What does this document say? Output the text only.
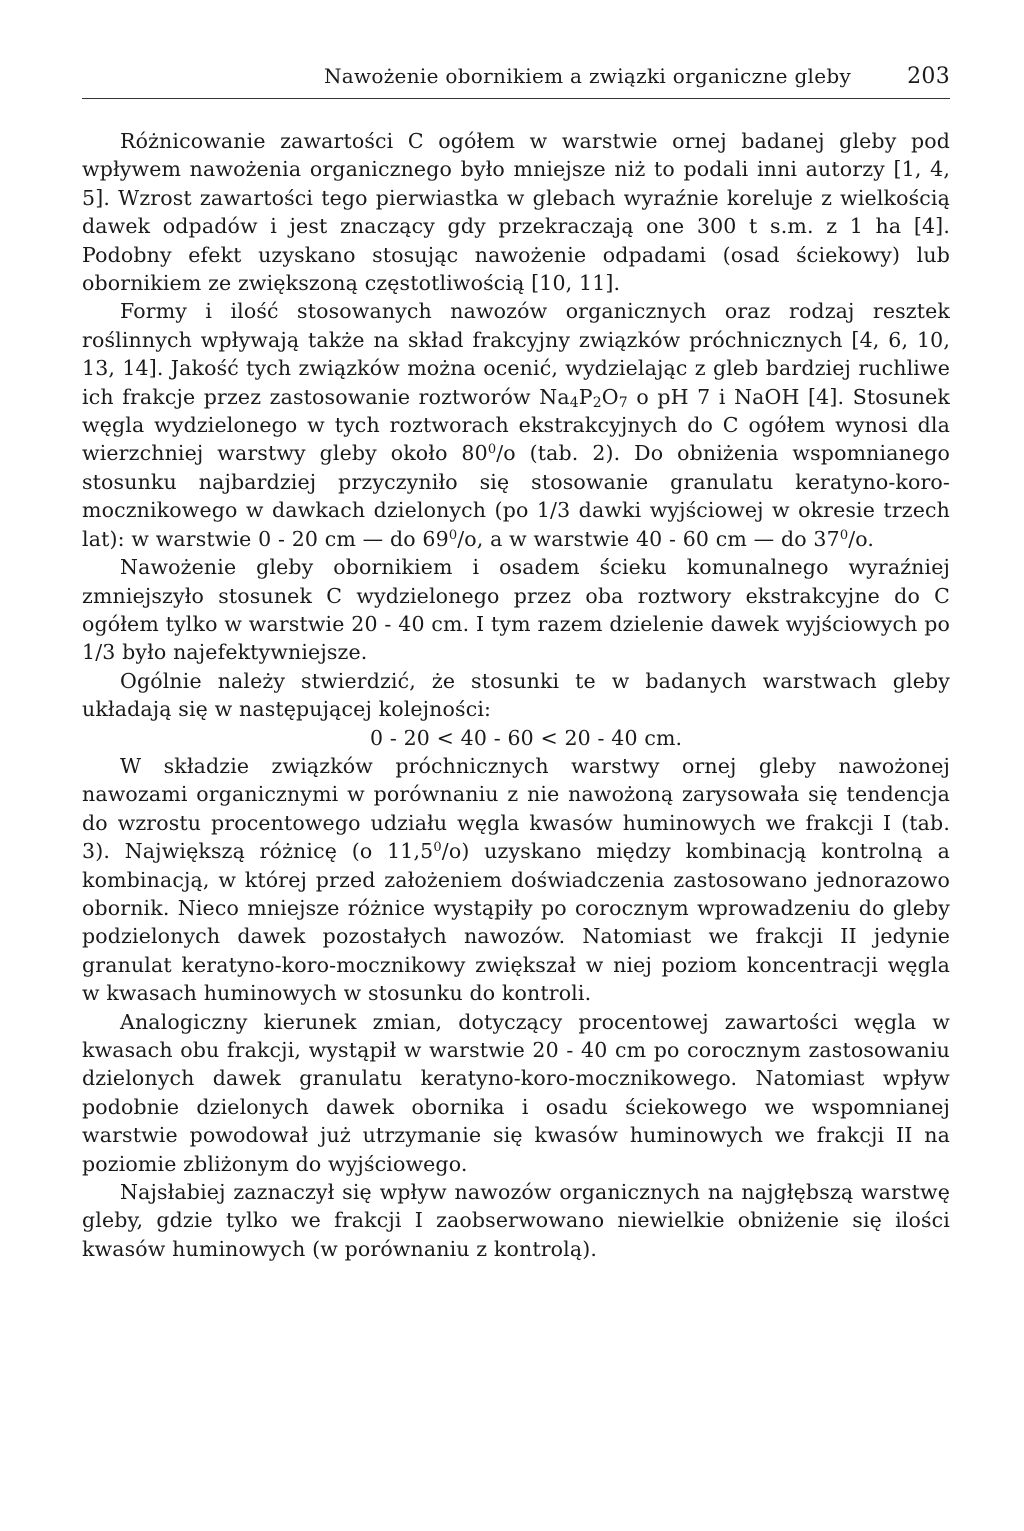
Nawożenie obornikiem a związki organiczne gleby	203

Różnicowanie zawartości C ogółem w warstwie ornej badanej gleby pod wpływem nawożenia organicznego było mniejsze niż to podali inni autorzy [1, 4, 5]. Wzrost zawartości tego pierwiastka w glebach wyraźnie koreluje z wielkością dawek odpadów i jest znaczący gdy przekraczają one 300 t s.m. z 1 ha [4]. Podobny efekt uzyskano stosując nawożenie odpadami (osad ściekowy) lub obornikiem ze zwiększoną częstotliwością [10, 11].

Formy i ilość stosowanych nawozów organicznych oraz rodzaj resztek roślinnych wpływają także na skład frakcyjny związków próchnicznych [4, 6, 10, 13, 14]. Jakość tych związków można ocenić, wydzielając z gleb bardziej ruchliwe ich frakcje przez zastosowanie roztworów $Na_4P_2O_7$ o pH 7 i NaOH [4]. Stosunek węgla wydzielonego w tych roztworach ekstrakcyjnych do C ogółem wynosi dla wierzchniej warstwy gleby około $80^0/o$ (tab. 2). Do obniżenia wspomnianego stosunku najbardziej przyczyniło się stosowanie granulatu keratyno-koro-mocznikowego w dawkach dzielonych (po 1/3 dawki wyjściowej w okresie trzech lat): w warstwie 0 - 20 cm — do $69^0/o$, a w warstwie 40 - 60 cm — do $37^0/o$.

Nawożenie gleby obornikiem i osadem ścieku komunalnego wyraźniej zmniejszyło stosunek C wydzielonego przez oba roztwory ekstrakcyjne do C ogółem tylko w warstwie 20 - 40 cm. I tym razem dzielenie dawek wyjściowych po 1/3 było najefektywniejsze.

Ogólnie należy stwierdzić, że stosunki te w badanych warstwach gleby układają się w następującej kolejności:

0 - 20 < 40 - 60 < 20 - 40 cm.

W składzie związków próchnicznych warstwy ornej gleby nawożonej nawozami organicznymi w porównaniu z nie nawożoną zarysowała się tendencja do wzrostu procentowego udziału węgla kwasów huminowych we frakcji I (tab. 3). Największą różnicę (o 11,5$^0$/o) uzyskano między kombinacją kontrolną a kombinacją, w której przed założeniem doświadczenia zastosowano jednorazowo obornik. Nieco mniejsze różnice wystąpiły po corocznym wprowadzeniu do gleby podzielonych dawek pozostałych nawozów. Natomiast we frakcji II jedynie granulat keratyno-koro-mocznikowy zwiększał w niej poziom koncentracji węgla w kwasach huminowych w stosunku do kontroli.

Analogiczny kierunek zmian, dotyczący procentowej zawartości węgla w kwasach obu frakcji, wystąpił w warstwie 20 - 40 cm po corocznym zastosowaniu dzielonych dawek granulatu keratyno-koro-mocznikowego. Natomiast wpływ podobnie dzielonych dawek obornika i osadu ściekowego we wspomnianej warstwie powodował już utrzymanie się kwasów huminowych we frakcji II na poziomie zbliżonym do wyjściowego.

Najsłabiej zaznaczył się wpływ nawozów organicznych na najgłębszą warstwę gleby, gdzie tylko we frakcji I zaobserwowano niewielkie obniżenie się ilości kwasów huminowych (w porównaniu z kontrolą).
